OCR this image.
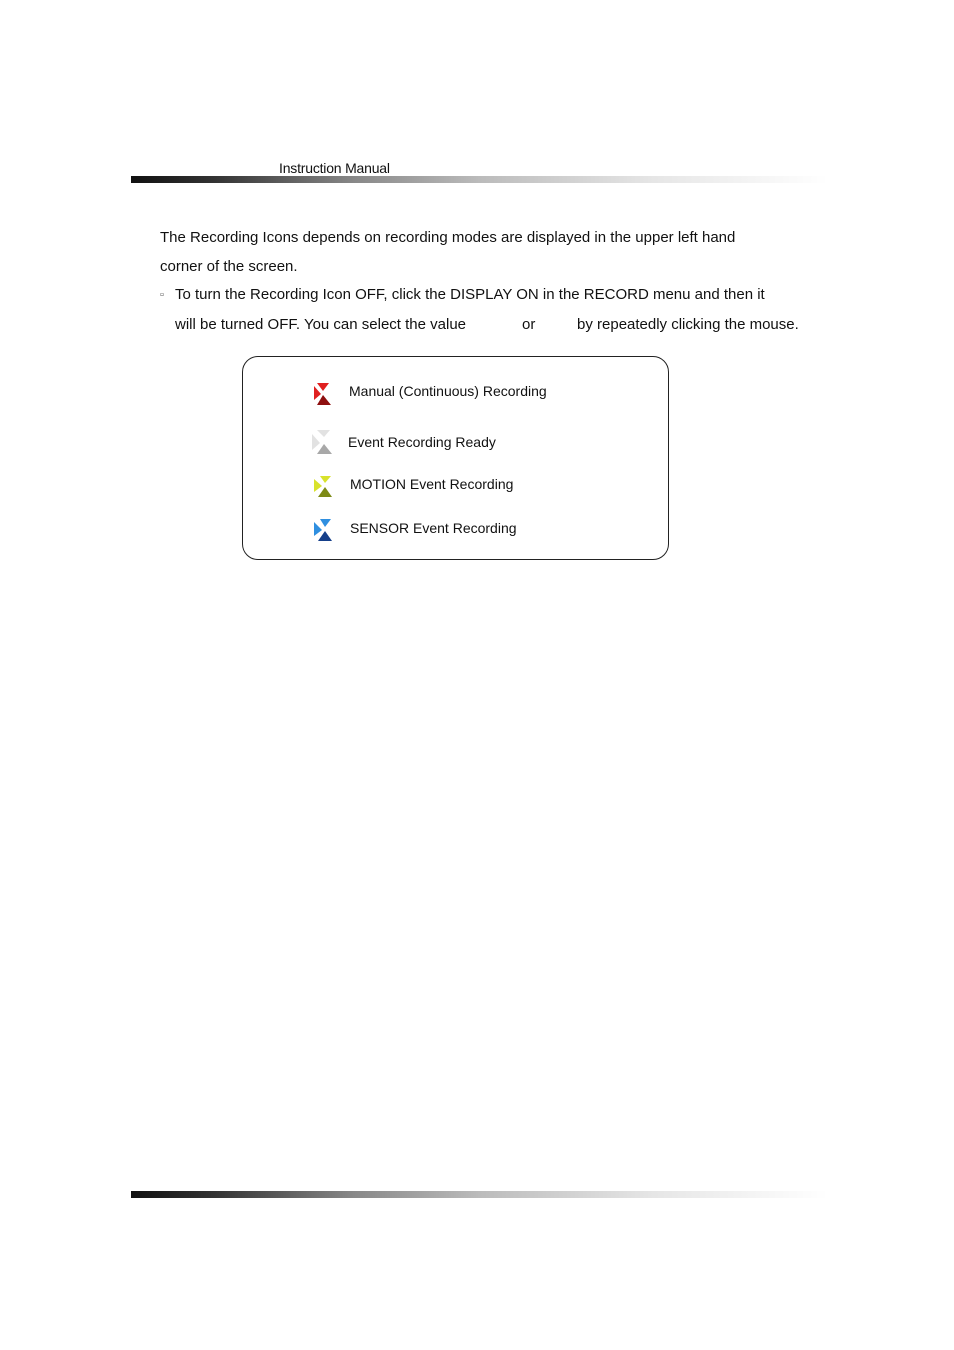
Instruction Manual
The Recording Icons depends on recording modes are displayed in the upper left hand
corner of the screen.
▫ To turn the Recording Icon OFF, click the DISPLAY ON in the RECORD menu and then it
will be turned OFF. You can select the value	or	by repeatedly clicking the mouse.
Manual (Continuous) Recording
Event Recording Ready
MOTION Event Recording
SENSOR Event Recording
